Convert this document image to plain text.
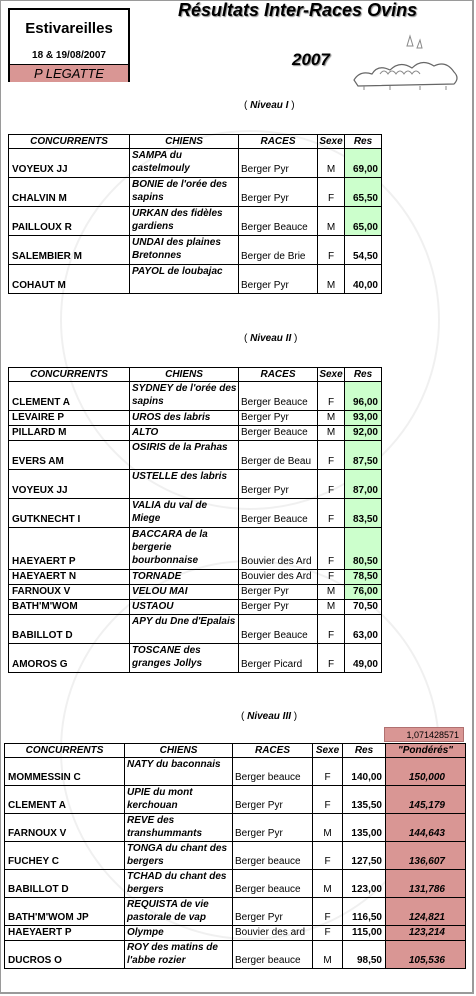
Estivareilles
18 & 19/08/2007
P LEGATTE
Résultats Inter-Races Ovins
2007
( Niveau I )
CONCURRENTS	CHIENS	RACES	Sexe	Res
VOYEUX JJ	SAMPA du castelmouly	Berger Pyr	M	69,00
CHALVIN M	BONIE de l'orée des sapins	Berger Pyr	F	65,50
PAILLOUX R	URKAN des fidèles gardiens	Berger Beauce	M	65,00
SALEMBIER M	UNDAI des plaines Bretonnes	Berger de Brie	F	54,50
COHAUT M	PAYOL de loubajac	Berger Pyr	M	40,00
( Niveau II )
CONCURRENTS	CHIENS	RACES	Sexe	Res
CLEMENT A	SYDNEY de l'orée des sapins	Berger Beauce	F	96,00
LEVAIRE P	UROS des labris	Berger Pyr	M	93,00
PILLARD M	ALTO	Berger Beauce	M	92,00
EVERS AM	OSIRIS de la Prahas	Berger de Beau	F	87,50
VOYEUX JJ	USTELLE des labris	Berger Pyr	F	87,00
GUTKNECHT I	VALIA du val de Miege	Berger Beauce	F	83,50
HAEYAERT P	BACCARA de la bergerie bourbonnaise	Bouvier des Ard	F	80,50
HAEYAERT N	TORNADE	Bouvier des Ard	F	78,50
FARNOUX V	VELOU MAI	Berger Pyr	M	76,00
BATH'M'WOM	USTAOU	Berger Pyr	M	70,50
BABILLOT D	APY du Dne d'Epalais	Berger Beauce	F	63,00
AMOROS G	TOSCANE des granges Jollys	Berger Picard	F	49,00
( Niveau III )
1,071428571
CONCURRENTS	CHIENS	RACES	Sexe	Res	"Pondérés"
MOMMESSIN C	NATY du baconnais	Berger beauce	F	140,00	150,000
CLEMENT A	UPIE du mont kerchouan	Berger Pyr	F	135,50	145,179
FARNOUX V	REVE des transhummants	Berger Pyr	M	135,00	144,643
FUCHEY C	TONGA du chant des bergers	Berger beauce	F	127,50	136,607
BABILLOT D	TCHAD du chant des bergers	Berger beauce	M	123,00	131,786
BATH'M'WOM JP	REQUISTA de vie pastorale de vap	Berger Pyr	F	116,50	124,821
HAEYAERT P	Olympe	Bouvier des ard	F	115,00	123,214
DUCROS O	ROY des matins de l'abbe rozier	Berger beauce	M	98,50	105,536
